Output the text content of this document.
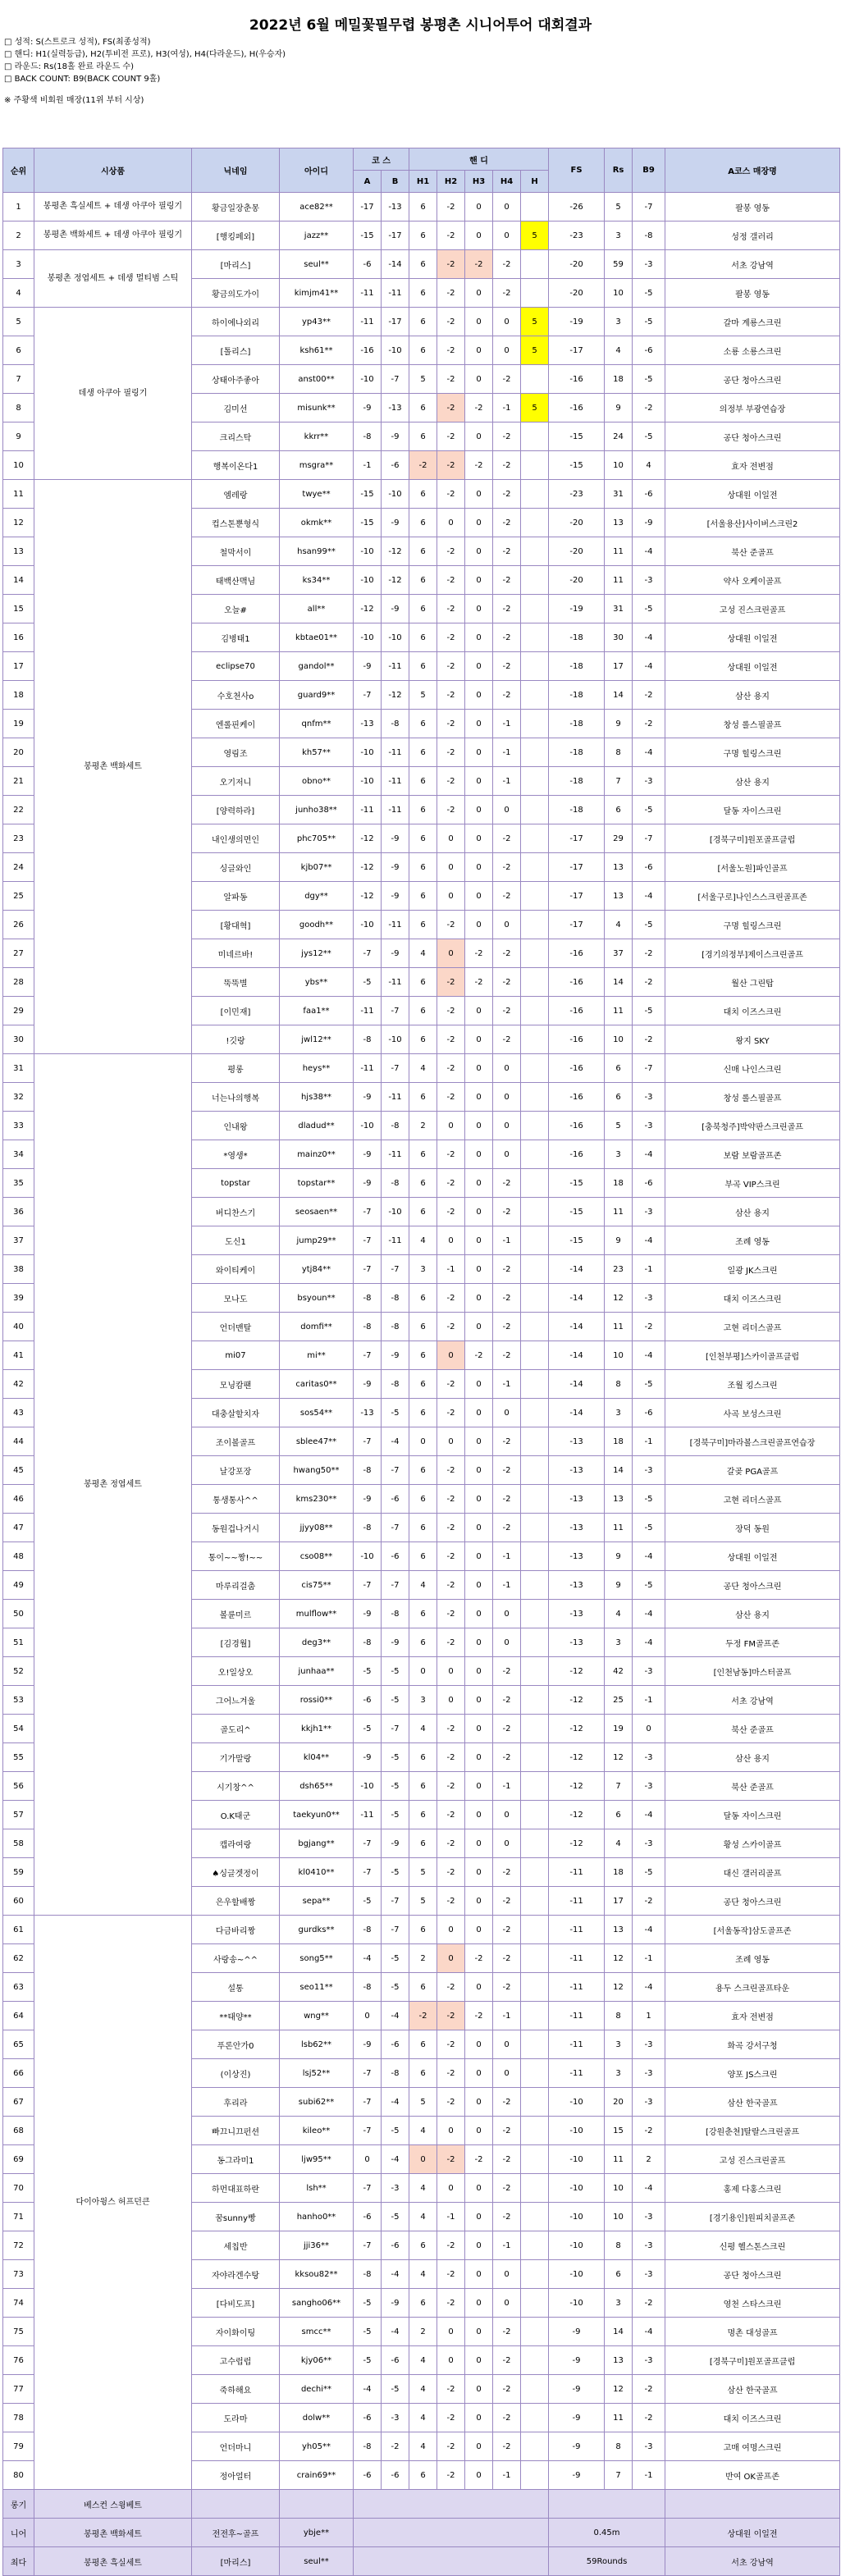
2022년 6월 메밀꽃필무렵 봉평촌 시니어투어 대회결과
□ 성적: S(스트로크 성적), FS(최종성적)
□ 핸디: H1(실력등급), H2(투비전 프로), H3(여성), H4(다라운드), H(우승자)
□ 라운드: Rs(18홀 완료 라운드 수)
□ BACK COUNT: B9(BACK COUNT 9홀)
※ 주황색 비회원 매장(11위 부터 시상)
순위	시상품	닉네임	아이디	코 스		핸 디					FS	Rs	B9	A코스 매장명
				A	B	H1	H2	H3	H4	H				
1	봉평촌 흑실세트 + 데생 아쿠아 필링기	황금일장춘몽	ace82**	-17	-13	6	-2	0	0		-26	5	-7	팔봉 영동
2	봉평촌 백화세트 + 데생 아쿠아 필링기	[행킹페외]	jazz**	-15	-17	6	-2	0	0	5	-23	3	-8	성정 갤러리
3	봉평촌 정엽세트 + 데생 멀티범 스틱	[마리스]	seul**	-6	-14	6	-2	-2	-2		-20	59	-3	서초 강남역
4		황금의도가이	kimjm41**	-11	-11	6	-2	0	-2		-20	10	-5	팔봉 영동
5	데생 아쿠아 필링기	하이에나외리	yp43**	-11	-17	6	-2	0	0	5	-19	3	-5	갈마 계룡스크린
6		[톨리스]	ksh61**	-16	-10	6	-2	0	0	5	-17	4	-6	소룡 소룡스크린
7		상태아주좋아	anst00**	-10	-7	5	-2	0	-2		-16	18	-5	공단 청아스크린
8		김미선	misunk**	-9	-13	6	-2	-2	-1	5	-16	9	-2	의정부 부광연습장
9		크리스탁	kkrr**	-8	-9	6	-2	0	-2		-15	24	-5	공단 청아스크린
10		행복이온다1	msgra**	-1	-6	-2	-2	-2	-2		-15	10	4	효자 전변점
11	봉평촌 백화세트	엠레랑	twye**	-15	-10	6	-2	0	-2		-23	31	-6	상대원 이일전
12		컵스톤뿐형식	okmk**	-15	-9	6	0	0	-2		-20	13	-9	[서울용산]사이버스크린2
13		철막서이	hsan99**	-10	-12	6	-2	0	-2		-20	11	-4	북산 준골프
14		태백산맥님	ks34**	-10	-12	6	-2	0	-2		-20	11	-3	약사 오케이골프
15		오늘#	all**	-12	-9	6	-2	0	-2		-19	31	-5	고성 진스크린골프
16		김병태1	kbtae01**	-10	-10	6	-2	0	-2		-18	30	-4	상대원 이일전
17		eclipse70	gandol**	-9	-11	6	-2	0	-2		-18	17	-4	상대원 이일전
18		수호천사o	guard9**	-7	-12	5	-2	0	-2		-18	14	-2	삼산 용지
19		엔롤핀케이	qnfm**	-13	-8	6	-2	0	-1		-18	9	-2	창성 롤스필골프
20		영림조	kh57**	-10	-11	6	-2	0	-1		-18	8	-4	구명 힐링스크린
21		오기저니	obno**	-10	-11	6	-2	0	-1		-18	7	-3	삼산 용지
22		[양력하라]	junho38**	-11	-11	6	-2	0	0		-18	6	-5	달동 자이스크린
23		내인생의면인	phc705**	-12	-9	6	0	0	-2		-17	29	-7	[경북구미]원포골프클럽
24		싱글와인	kjb07**	-12	-9	6	0	0	-2		-17	13	-6	[서울노원]파인골프
25		알파동	dgy**	-12	-9	6	0	0	-2		-17	13	-4	[서울구로]나인스스크린골프존
26		[황대혁]	goodh**	-10	-11	6	-2	0	0		-17	4	-5	구명 힐링스크린
27		미네르바!	jys12**	-7	-9	4	0	-2	-2		-16	37	-2	[경기의정부]제이스크린골프
28		뚝뚝별	ybs**	-5	-11	6	-2	-2	-2		-16	14	-2	월산 그린탑
29		[이민재]	faa1**	-11	-7	6	-2	0	-2		-16	11	-5	대치 이즈스크린
30		!깃랑	jwl12**	-8	-10	6	-2	0	-2		-16	10	-2	왕지 SKY
31	봉평촌 정엽세트	평롱	heys**	-11	-7	4	-2	0	0		-16	6	-7	신매 나인스크린
32		너는나의행복	hjs38**	-9	-11	6	-2	0	0		-16	6	-3	창성 롤스필골프
33		인내왕	dladud**	-10	-8	2	0	0	0		-16	5	-3	[충북청주]박약판스크린골프
34		*영생*	mainz0**	-9	-11	6	-2	0	0		-16	3	-4	보람 보람골프존
35		topstar	topstar**	-9	-8	6	-2	0	-2		-15	18	-6	부곡 VIP스크린
36		버디찬스기	seosaen**	-7	-10	6	-2	0	-2		-15	11	-3	삼산 용지
37		도신1	jump29**	-7	-11	4	0	0	-1		-15	9	-4	조례 영동
38		와이티케이	ytj84**	-7	-7	3	-1	0	-2		-14	23	-1	일광 JK스크린
39		모나도	bsyoun**	-8	-8	6	-2	0	-2		-14	12	-3	대치 이즈스크린
40		언더맨탈	domfi**	-8	-8	6	-2	0	-2		-14	11	-2	고현 리더스골프
41		mi07	mi**	-7	-9	6	0	-2	-2		-14	10	-4	[인천부평]스카이골프클럽
42		모닝캄팬	caritas0**	-9	-8	6	-2	0	-1		-14	8	-5	조월 킹스크린
43		대충살할치자	sos54**	-13	-5	6	-2	0	0		-14	3	-6	사곡 보성스크린
44		조이볼골프	sblee47**	-7	-4	0	0	0	-2		-13	18	-1	[경북구미]마라볼스크린골프연습장
45		날강포장	hwang50**	-8	-7	6	-2	0	-2		-13	14	-3	갈곶 PGA골프
46		통생통사^^	kms230**	-9	-6	6	-2	0	-2		-13	13	-5	고현 리더스골프
47		동원겁나거시	jjyy08**	-8	-7	6	-2	0	-2		-13	11	-5	장덕 동원
48		통이~~짱!~~	cso08**	-10	-6	6	-2	0	-1		-13	9	-4	상대원 이일전
49		마루리걸춤	cis75**	-7	-7	4	-2	0	-1		-13	9	-5	공단 청아스크린
50		볼륜미르	mulflow**	-9	-8	6	-2	0	0		-13	4	-4	삼산 용지
51		[김경월]	deg3**	-8	-9	6	-2	0	0		-13	3	-4	두정 FM골프존
52		오!일상오	junhaa**	-5	-5	0	0	0	-2		-12	42	-3	[인천남동]마스터골프
53		그어느겨울	rossi0**	-6	-5	3	0	0	-2		-12	25	-1	서초 강남역
54		골도리^	kkjh1**	-5	-7	4	-2	0	-2		-12	19	0	북산 준골프
55		기가말랑	kl04**	-9	-5	6	-2	0	-2		-12	12	-3	삼산 용지
56		시기창^^	dsh65**	-10	-5	6	-2	0	-1		-12	7	-3	북산 준골프
57		O.K태군	taekyun0**	-11	-5	6	-2	0	0		-12	6	-4	달동 자이스크린
58		캡라여랑	bgjang**	-7	-9	6	-2	0	0		-12	4	-3	황성 스카이골프
59		♠싱글겟정이	kl0410**	-7	-5	5	-2	0	-2		-11	18	-5	대신 갤러리골프
60		은우할배짱	sepa**	-5	-7	5	-2	0	-2		-11	17	-2	공단 청아스크린
61	다이아윙스 허프던큰	다금바리짱	gurdks**	-8	-7	6	0	0	-2		-11	13	-4	[서울동작]삼도골프존
62		사랑송~^^	song5**	-4	-5	2	0	-2	-2		-11	12	-1	조례 영동
63		설통	seo11**	-8	-5	6	-2	0	-2		-11	12	-4	용두 스크린골프타운
64		**태양**	wng**	0	-4	-2	-2	-2	-1		-11	8	1	효자 전변점
65		푸론안가0	lsb62**	-9	-6	6	-2	0	0		-11	3	-3	화곡 강서구청
66		(이상진)	lsj52**	-7	-8	6	-2	0	0		-11	3	-3	양포 JS스크린
67		후리라	subi62**	-7	-4	5	-2	0	-2		-10	20	-3	삼산 한국골프
68		빠끄니끄펀션	kileo**	-7	-5	4	0	0	-2		-10	15	-2	[강원춘천]탈랄스크린골프
69		동그라미1	ljw95**	0	-4	0	-2	-2	-2		-10	11	2	고성 진스크린골프
70		하먼대표하란	lsh**	-7	-3	4	0	0	-2		-10	10	-4	홍제 다홍스크린
71		꿈sunny빵	hanho0**	-6	-5	4	-1	0	-2		-10	10	-3	[경기용인]원피치골프존
72		세칩반	jji36**	-7	-6	6	-2	0	-1		-10	8	-3	신평 헬스톤스크린
73		자야라겐수탕	kksou82**	-8	-4	4	-2	0	0		-10	6	-3	공단 청아스크린
74		[다비도프]	sangho06**	-5	-9	6	-2	0	0		-10	3	-2	영천 스타스크린
75		자이화이팅	smcc**	-5	-4	2	0	0	-2		-9	14	-4	명촌 대성골프
76		고수럽럽	kjy06**	-5	-6	4	0	0	-2		-9	13	-3	[경북구미]원포골프클럽
77		죽하해요	dechi**	-4	-5	4	-2	0	-2		-9	12	-2	삼산 한국골프
78		도라마	dolw**	-6	-3	4	-2	0	-2		-9	11	-2	대치 이즈스크린
79		언더마니	yh05**	-8	-2	4	-2	0	-2		-9	8	-3	고매 여명스크린
80		정아얼터	crain69**	-6	-6	6	-2	0	-1		-9	7	-1	반여 OK골프존
롱기	베스컨 스윙베트													
니어	봉평촌 백화세트	전전후~골프	ybje**								0.45m			상대원 이일전
최다	봉평촌 흑실세트	[마리스]	seul**								59Rounds			서초 강남역
